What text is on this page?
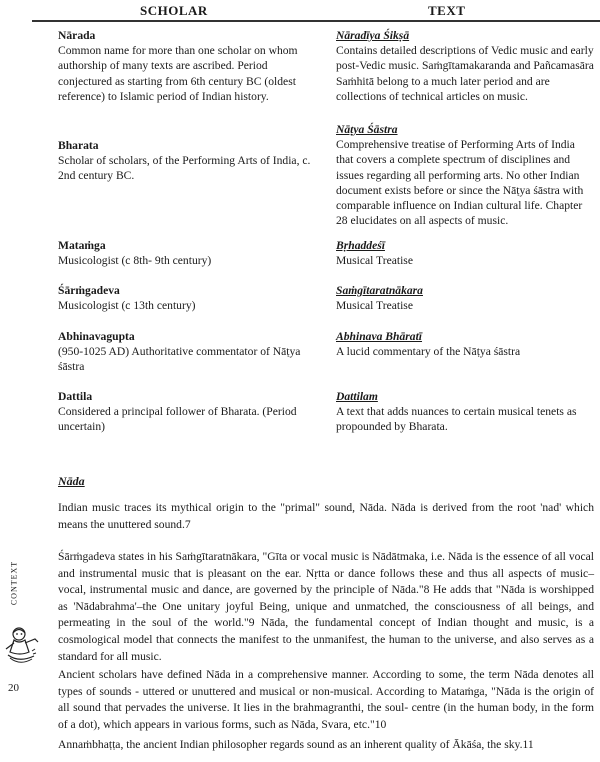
SCHOLAR	TEXT
Nārada
Common name for more than one scholar on whom authorship of many texts are ascribed. Period conjectured as starting from 6th century BC (oldest reference) to Islamic period of Indian history.
Bharata
Scholar of scholars, of the Performing Arts of India, c. 2nd century BC.
Mataṁga
Musicologist (c 8th- 9th century)
Śārṁgadeva
Musicologist (c 13th century)
Abhinavagupta
(950-1025 AD) Authoritative commentator of Nāṭya śāstra
Dattila
Considered a principal follower of Bharata. (Period uncertain)
Nāradīya Śikṣā
Contains detailed descriptions of Vedic music and early post-Vedic music. Saṁgītamakaranda and Pañcamasāra Saṁhitā belong to a much later period and are collections of technical articles on music.
Nāṭya Śāstra
Comprehensive treatise of Performing Arts of India that covers a complete spectrum of disciplines and issues regarding all performing arts. No other Indian document exists before or since the Nāṭya śāstra with comparable influence on Indian cultural life. Chapter 28 elucidates on all aspects of music.
Bṛhaddeśī
Musical Treatise
Saṁgītaratnākara
Musical Treatise
Abhinava Bhāratī
A lucid commentary of the Nāṭya śāstra
Dattilam
A text that adds nuances to certain musical tenets as propounded by Bharata.
Nāda

Indian music traces its mythical origin to the "primal" sound, Nāda. Nāda is derived from the root 'nad' which means the unuttered sound.7

Śārṁgadeva states in his Saṁgītaratnākara, "Gīta or vocal music is Nādātmaka, i.e. Nāda is the essence of all vocal and instrumental music that is pleasant on the ear. Nṛtta or dance follows these and thus all aspects of music– vocal, instrumental music and dance, are governed by the principle of Nāda."8 He adds that "Nāda is worshipped as 'Nādabrahma'–the One unitary joyful Being, unique and unmatched, the consciousness of all beings, and permeating in the soul of the world."9 Nāda, the fundamental concept of Indian thought and music, is a cosmological model that connects the manifest to the unmanifest, the human to the universe, and also serves as a standard for all music.

Ancient scholars have defined Nāda in a comprehensive manner. According to some, the term Nāda denotes all types of sounds - uttered or unuttered and musical or non-musical. According to Mataṁga, "Nāda is the origin of all sound that pervades the universe. It lies in the brahmagranthi, the soul- centre (in the human body, in the form of a dot), which appears in various forms, such as Nāda, Svara, etc."10

Annaṁbhaṭṭa, the ancient Indian philosopher regards sound as an inherent quality of Ākāśa, the sky.11

CONTEXT
20
